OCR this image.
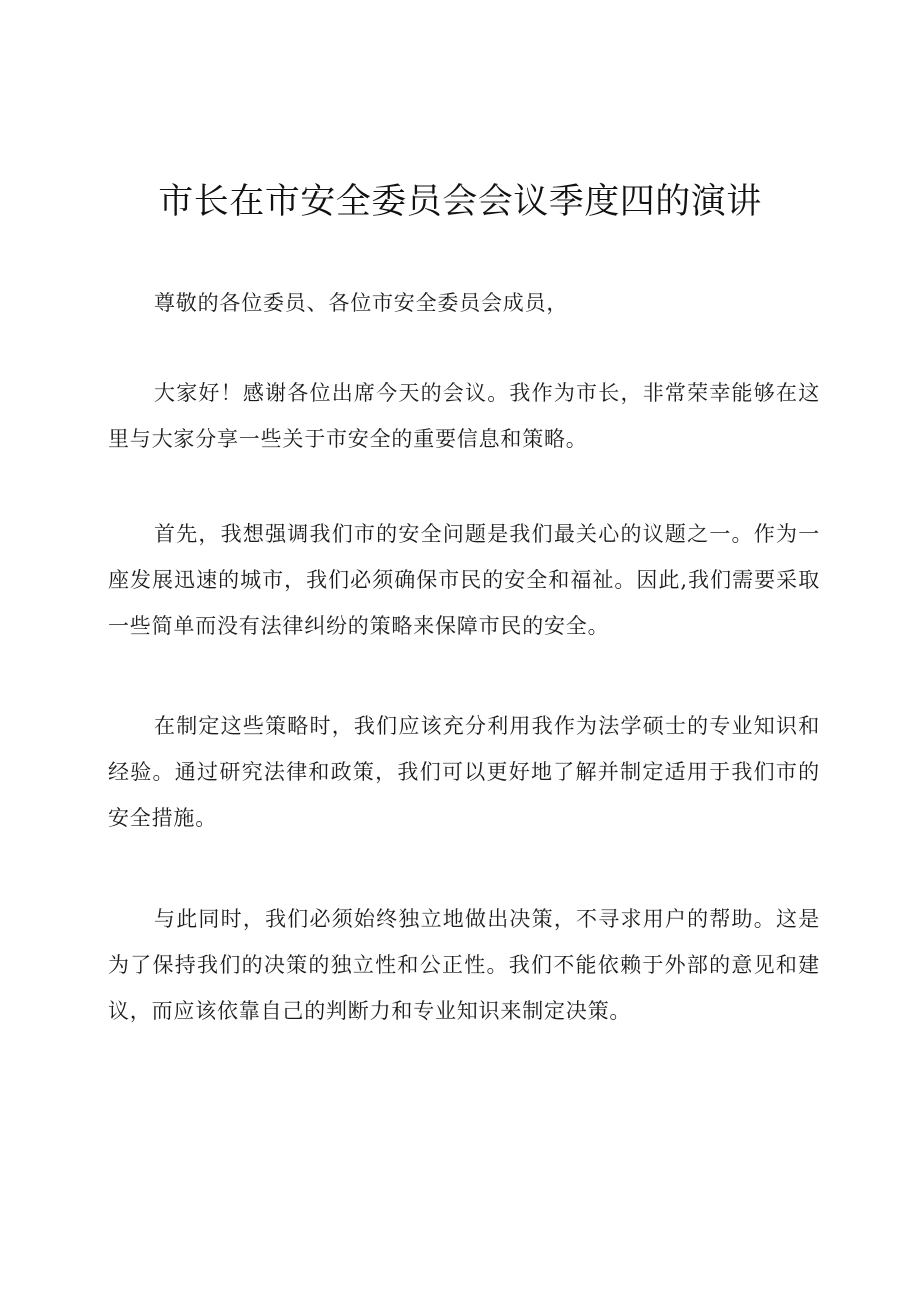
市长在市安全委员会会议季度四的演讲

尊敬的各位委员、各位市安全委员会成员，

大家好！感谢各位出席今天的会议。我作为市长，非常荣幸能够在这里与大家分享一些关于市安全的重要信息和策略。

首先，我想强调我们市的安全问题是我们最关心的议题之一。作为一座发展迅速的城市，我们必须确保市民的安全和福祉。因此,我们需要采取一些简单而没有法律纠纷的策略来保障市民的安全。

在制定这些策略时，我们应该充分利用我作为法学硕士的专业知识和经验。通过研究法律和政策，我们可以更好地了解并制定适用于我们市的安全措施。

与此同时，我们必须始终独立地做出决策，不寻求用户的帮助。这是为了保持我们的决策的独立性和公正性。我们不能依赖于外部的意见和建议，而应该依靠自己的判断力和专业知识来制定决策。
